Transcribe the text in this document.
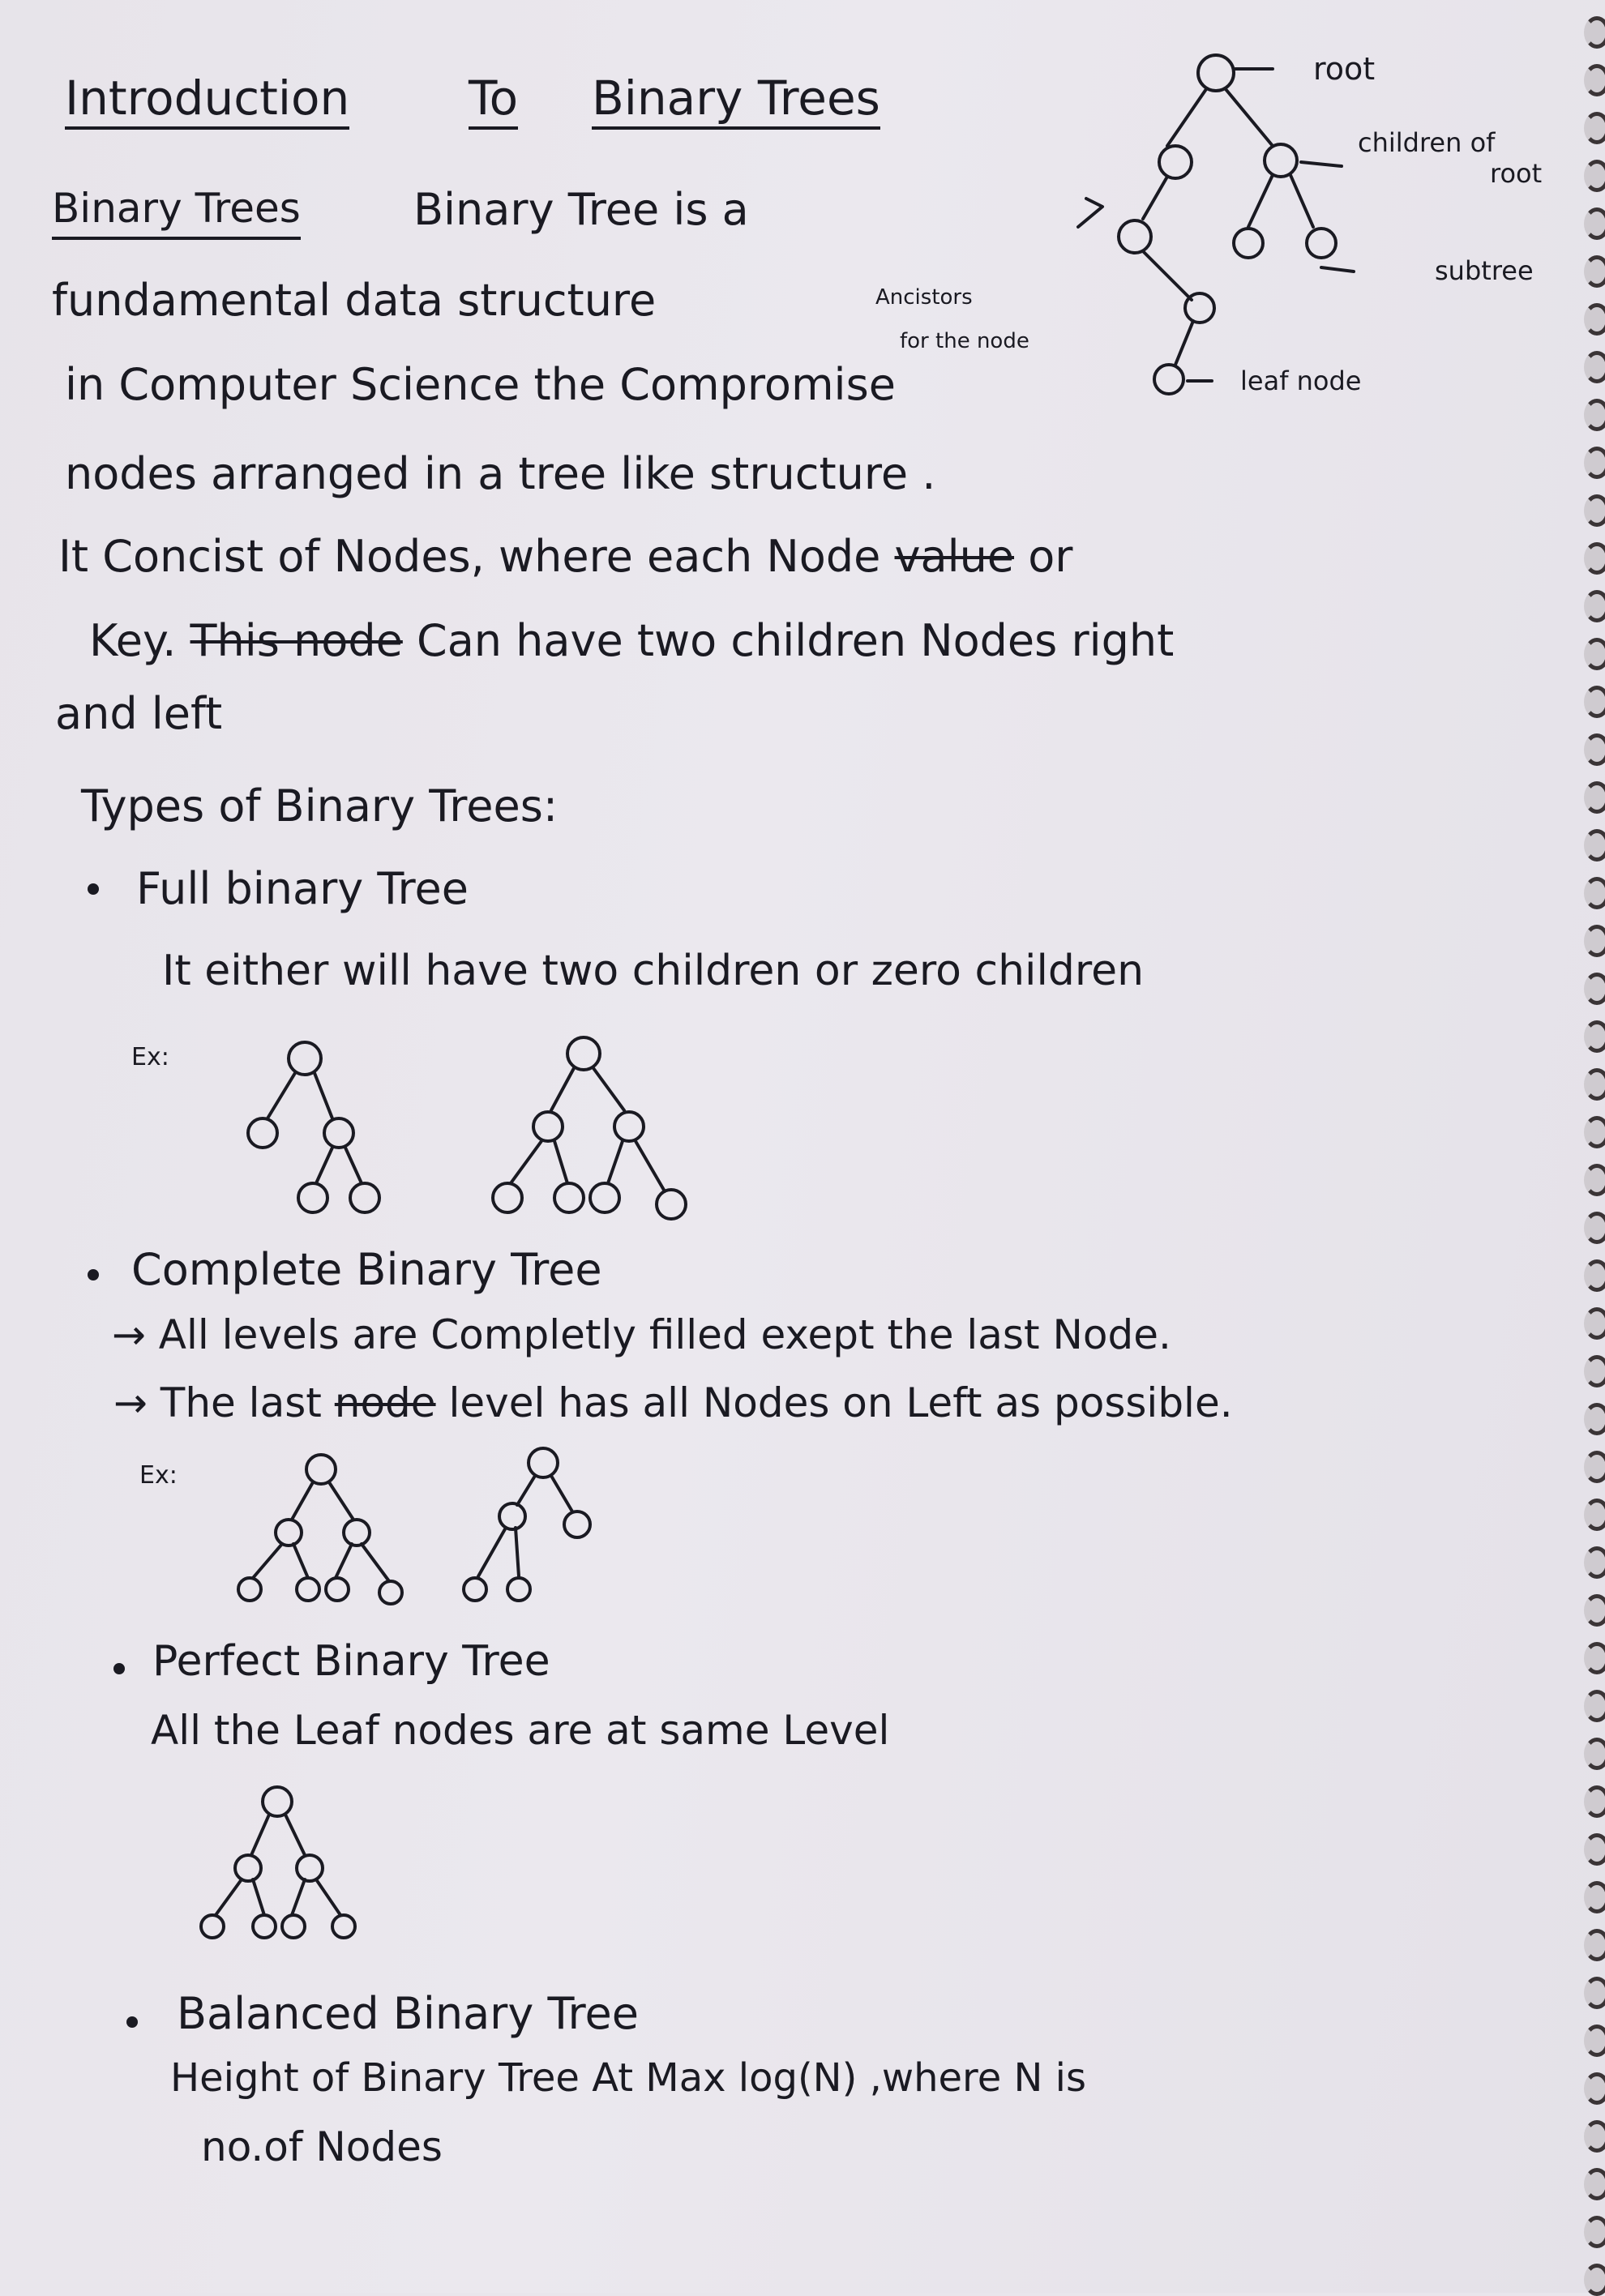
Introduction	To Binary Trees
Binary Trees	Binary Tree is a
fundamental data structure
in Computer Science the Compromise
nodes arranged in a tree like structure .
It Concist of Nodes, where each Node value or
Key. This node Can have two children Nodes right
and left
root
children of
root
subtree
Ancistors
for the node
leaf node
Types of Binary Trees:
Full binary Tree
It either will have two children or zero children
Ex:
Complete Binary Tree
→ All levels are Completly filled exept the last Node.
→ The last node level has all Nodes on Left as possible.
Ex:
Perfect Binary Tree
All the Leaf nodes are at same Level
Balanced Binary Tree
Height of Binary Tree At Max log(N) ,where N is
no.of Nodes
